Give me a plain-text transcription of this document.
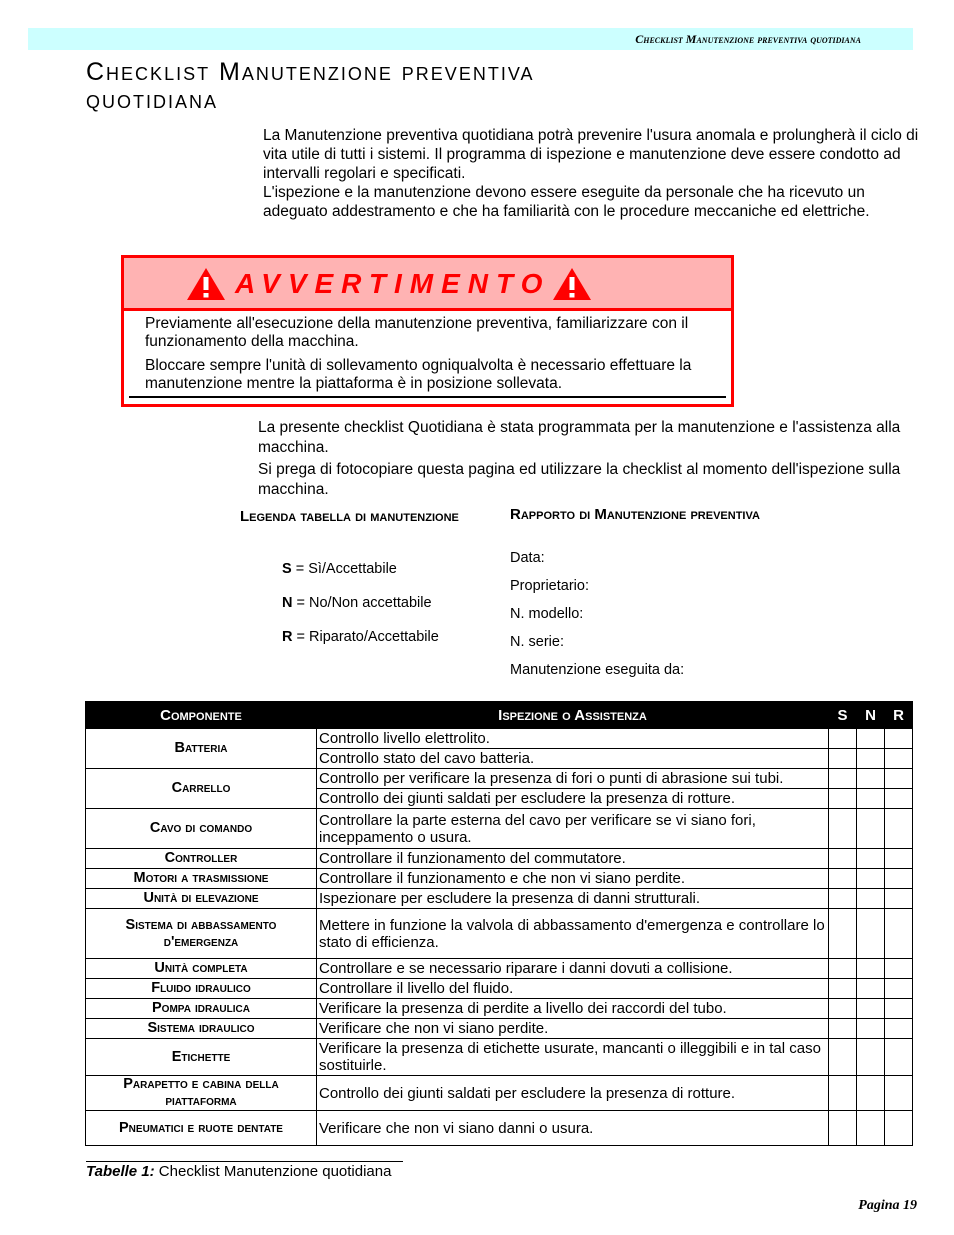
Checklist Manutenzione preventiva quotidiana
Checklist Manutenzione preventiva
quotidiana

La Manutenzione preventiva quotidiana potrà prevenire l'usura anomala e prolungherà il ciclo di vita utile di tutti i sistemi. Il programma di ispezione e manutenzione deve essere condotto ad intervalli regolari e specificati.

L'ispezione e la manutenzione devono essere eseguite da personale che ha ricevuto un adeguato addestramento e che ha familiarità con le procedure meccaniche ed elettriche.

AVVERTIMENTO

Previamente all'esecuzione della manutenzione preventiva, familiarizzare con il funzionamento della macchina.

Bloccare sempre l'unità di sollevamento ogniqualvolta è necessario effettuare la manutenzione mentre la piattaforma è in posizione sollevata.

La presente checklist Quotidiana è stata programmata per la manutenzione e l'assistenza alla macchina.

Si prega di fotocopiare questa pagina ed utilizzare la checklist al momento dell'ispezione sulla macchina.

Legenda tabella di manutenzione
S = Sì/Accettabile
N = No/Non accettabile
R = Riparato/Accettabile
Rapporto di Manutenzione preventiva
Data:
Proprietario:
N. modello:
N. serie:
Manutenzione eseguita da:
Componente	Ispezione o Assistenza	S	N	R
Batteria	Controllo livello elettrolito.			
	Controllo stato del cavo batteria.			
Carrello	Controllo per verificare la presenza di fori o punti di abrasione sui tubi.			
	Controllo dei giunti saldati per escludere la presenza di rotture.			
Cavo di comando	Controllare la parte esterna del cavo per verificare se vi siano fori, inceppamento o usura.			
Controller	Controllare il funzionamento del commutatore.			
Motori a trasmissione	Controllare il funzionamento e che non vi siano perdite.			
Unità di elevazione	Ispezionare per escludere la presenza di danni strutturali.			
Sistema di abbassamento d'emergenza	Mettere in funzione la valvola di abbassamento d'emergenza e controllare lo stato di efficienza.			
Unità completa	Controllare e se necessario riparare i danni dovuti a collisione.			
Fluido idraulico	Controllare il livello del fluido.			
Pompa idraulica	Verificare la presenza di perdite a livello dei raccordi del tubo.			
Sistema idraulico	Verificare che non vi siano perdite.			
Etichette	Verificare la presenza di etichette usurate, mancanti o illeggibili e in tal caso sostituirle.			
Parapetto e cabina della piattaforma	Controllo dei giunti saldati per escludere la presenza di rotture.			
Pneumatici e ruote dentate	Verificare che non vi siano danni o usura.			
Tabelle 1: Checklist Manutenzione quotidiana
Pagina 19
